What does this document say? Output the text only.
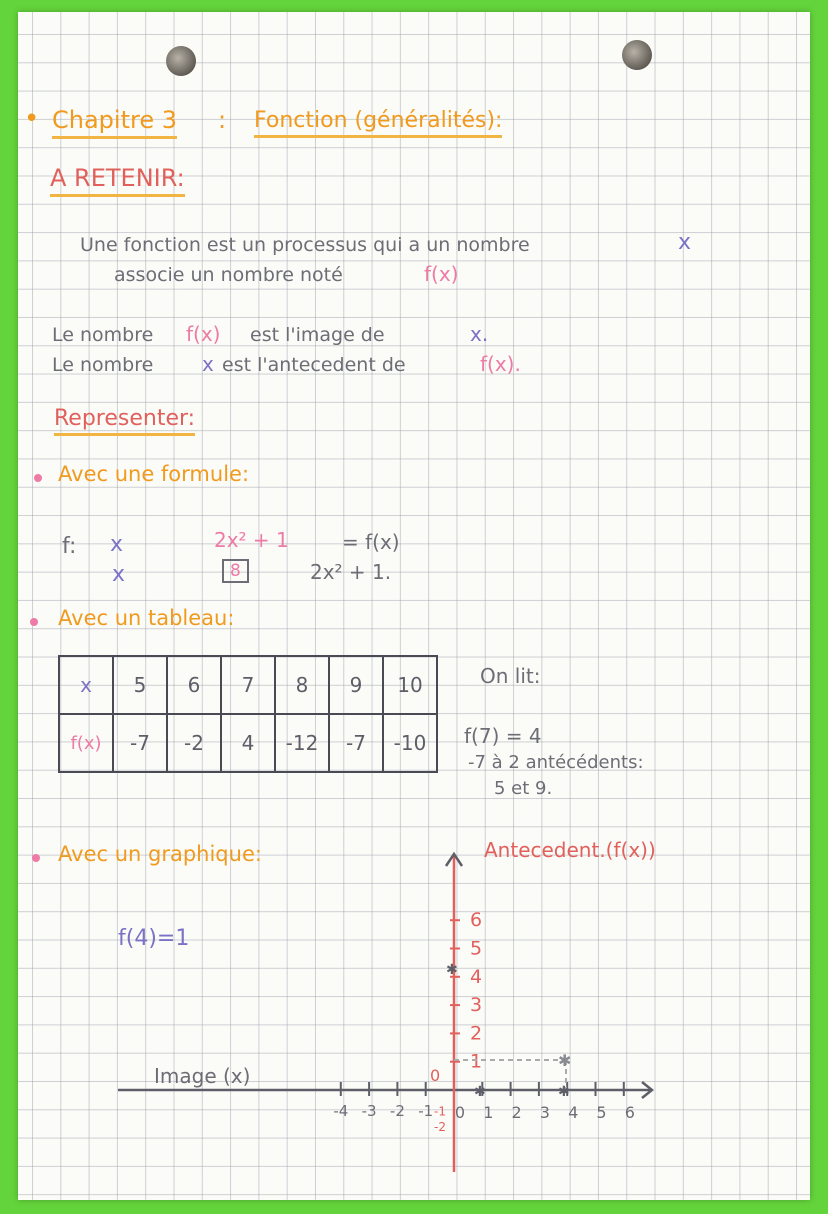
• Chapitre 3 : Fonction (généralités):
A RETENIR:
Une fonction est un processus qui a un nombre	x
associe un nombre noté	f(x)
Le nombre f(x) est l'image de	x.
Le nombre x est l'antecedent de	f(x).
Representer:
Avec une formule:
f: x	2x² + 1	= f(x)
x	8	2x² + 1.
Avec un tableau:
x	5	6	7	8	9	10
f(x)	-7	-2	4	-12	-7	-10
On lit:
f(7) = 4
-7 à 2 antécédents:
5 et 9.
Avec un graphique:
f(4)=1
Antecedent.(f(x))
Image (x)	0
-4 -3 -2 -1 0 1 2 3 4 5 6
1
2
3
4
5
6
-1
-2
✱
✱
✱
✱
